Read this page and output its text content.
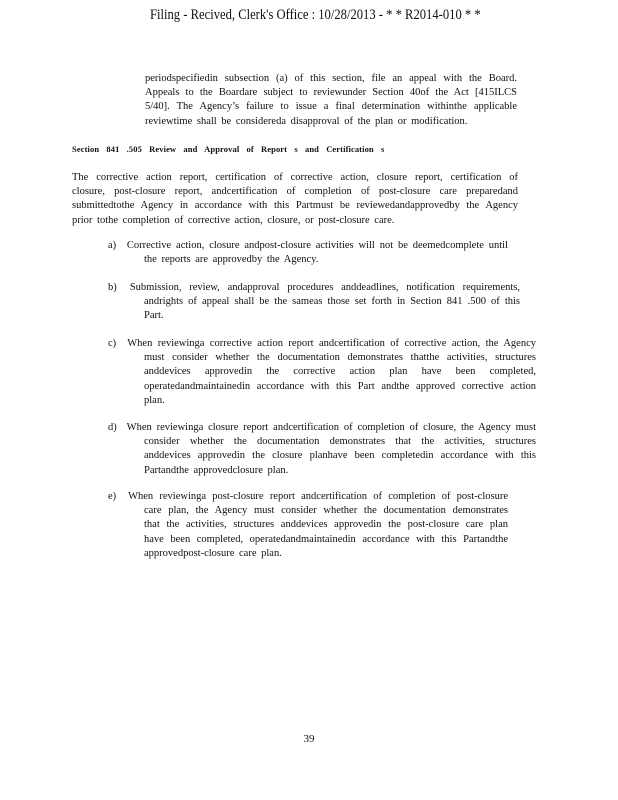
Filing - Recived, Clerk's Office : 10/28/2013 - * * R2014-010 * *
periodspecifiedin subsection (a) of this section, file an appeal with the Board. Appeals to the Boardare subject to reviewunder Section 40of the Act [415ILCS 5/40]. The Agency’s failure to issue a final determination withinthe applicable reviewtime shall be considereda disapproval of the plan or modification.
Section 841 .505 Review and Approval of Report s and Certification s
The corrective action report, certification of corrective action, closure report, certification of closure, post-closure report, andcertification of completion of post-closure care preparedand submittedtothe Agency in accordance with this Partmust be reviewedandapprovedby the Agency prior tothe completion of corrective action, closure, or post-closure care.
a) Corrective action, closure andpost-closure activities will not be deemedcomplete until the reports are approvedby the Agency.
b) Submission, review, andapproval procedures anddeadlines, notification requirements, andrights of appeal shall be the sameas those set forth in Section 841 .500 of this Part.
c) When reviewinga corrective action report andcertification of corrective action, the Agency must consider whether the documentation demonstrates thatthe activities, structures anddevices approvedin the corrective action plan have been completed, operatedandmaintainedin accordance with this Part andthe approved corrective action plan.
d) When reviewinga closure report andcertification of completion of closure, the Agency must consider whether the documentation demonstrates that the activities, structures anddevices approvedin the closure planhave been completedin accordance with this Partandthe approvedclosure plan.
e) When reviewinga post-closure report andcertification of completion of post-closure care plan, the Agency must consider whether the documentation demonstrates that the activities, structures anddevices approvedin the post-closure care plan have been completed, operatedandmaintainedin accordance with this Partandthe approvedpost-closure care plan.
39
